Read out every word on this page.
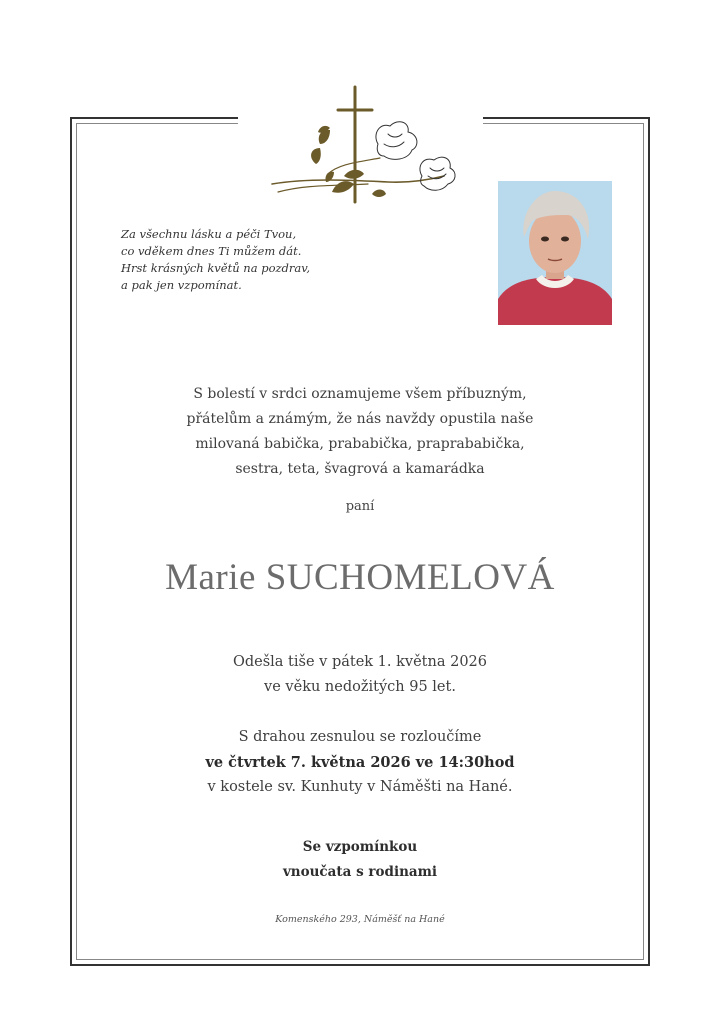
Za všechnu lásku a péči Tvou,
co vděkem dnes Ti můžem dát.
Hrst krásných květů na pozdrav,
a pak jen vzpomínat.
S bolestí v srdci oznamujeme všem příbuzným,
přátelům a známým, že nás navždy opustila naše
milovaná babička, prababička, praprababička,
sestra, teta, švagrová a kamarádka
paní
Marie SUCHOMELOVÁ
Odešla tiše v pátek 1. května 2026
ve věku nedožitých 95 let.
S drahou zesnulou se rozloučíme
ve čtvrtek 7. května 2026 ve 14:30hod
v kostele sv. Kunhuty v Náměšti na Hané.
Se vzpomínkou
vnoučata s rodinami
Komenského 293, Náměšť na Hané
